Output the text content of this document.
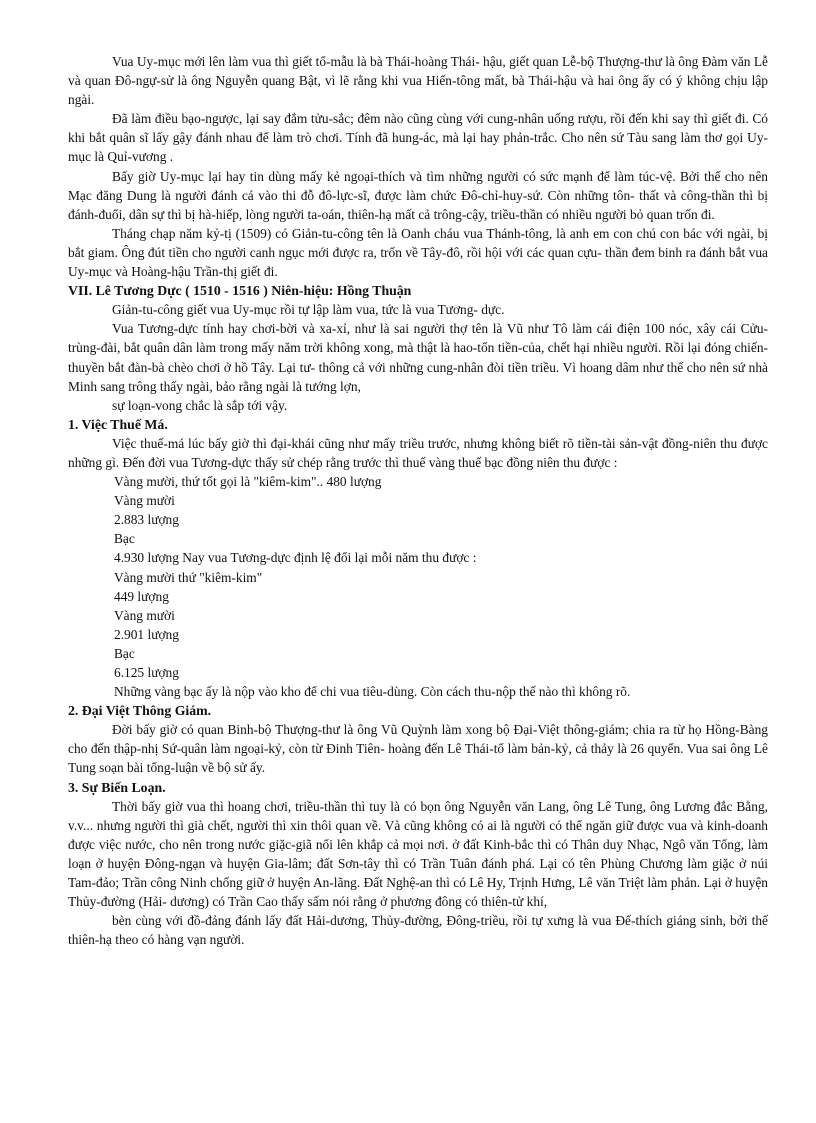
Vua Uy-mục mới lên làm vua thì giết tổ-mẫu là bà Thái-hoàng Thái- hậu, giết quan Lễ-bộ Thượng-thư là ông Đàm văn Lễ và quan Đô-ngự-sử là ông Nguyễn quang Bật, vì lẽ rằng khi vua Hiến-tông mất, bà Thái-hậu và hai ông ấy có ý không chịu lập ngài.

Đã làm điều bạo-ngược, lại say đắm tửu-sắc; đêm nào cũng cùng với cung-nhân uống rượu, rồi đến khi say thì giết đi. Có khi bắt quân sĩ lấy gậy đánh nhau để làm trò chơi. Tính đã hung-ác, mà lại hay phản-trắc. Cho nên sứ Tàu sang làm thơ gọi Uy-mục là Quỉ-vương .

Bấy giờ Uy-mục lại hay tin dùng mấy kẻ ngoại-thích và tìm những người có sức mạnh để làm túc-vệ. Bởi thế cho nên Mạc đăng Dung là người đánh cá vào thi đỗ đô-lực-sĩ, được làm chức Đô-chỉ-huy-sứ. Còn những tôn- thất và công-thần thì bị đánh-đuổi, dân sự thì bị hà-hiếp, lòng người ta-oán, thiên-hạ mất cả trông-cậy, triều-thần có nhiều người bỏ quan trốn đi.

Tháng chạp năm kỷ-tị (1509) có Giản-tu-công tên là Oanh cháu vua Thánh-tông, là anh em con chú con bác với ngài, bị bắt giam. Ông đút tiền cho người canh ngục mới được ra, trốn về Tây-đô, rồi hội với các quan cựu- thần đem binh ra đánh bắt vua Uy-mục và Hoàng-hậu Trần-thị giết đi.

VII. Lê Tương Dực ( 1510 - 1516 ) Niên-hiệu: Hồng Thuận

Giản-tu-công giết vua Uy-mục rồi tự lập làm vua, tức là vua Tương- dực.

Vua Tương-dực tính hay chơi-bời và xa-xỉ, như là sai người thợ tên là Vũ như Tô làm cái điện 100 nóc, xây cái Cửu-trùng-đài, bắt quân dân làm trong mấy năm trời không xong, mà thật là hao-tổn tiền-của, chết hại nhiều người. Rồi lại đóng chiến-thuyền bắt đàn-bà chèo chơi ở hồ Tây. Lại tư- thông cả với những cung-nhân đòi tiền triều. Vì hoang dâm như thế cho nên sứ nhà Minh sang trông thấy ngài, bảo rằng ngài là tướng lợn,

sự loạn-vong chắc là sắp tới vậy.

1. Việc Thuế Má.

Việc thuế-má lúc bấy giờ thì đại-khái cũng như mấy triều trước, nhưng không biết rõ tiền-tài sản-vật đồng-niên thu được những gì. Đến đời vua Tương-dực thấy sử chép rằng trước thì thuế vàng thuế bạc đồng niên thu được :

Vàng mười, thứ tốt gọi là "kiêm-kim".. 480 lượng

Vàng mười

2.883 lượng

Bạc

4.930 lượng Nay vua Tương-dực định lệ đổi lại mỗi năm thu được :

Vàng mười thứ "kiêm-kim"

449 lượng

Vàng mười

2.901 lượng

Bạc

6.125 lượng

Những vàng bạc ấy là nộp vào kho để chi vua tiêu-dùng. Còn cách thu-nộp thế nào thì không rõ.

2. Đại Việt Thông Giám.

Đời bấy giờ có quan Binh-bộ Thượng-thư là ông Vũ Quỳnh làm xong bộ Đại-Việt thông-giám; chia ra từ họ Hồng-Bàng cho đến thập-nhị Sứ-quân làm ngoại-kỷ, còn từ Đinh Tiên- hoàng đến Lê Thái-tổ làm bản-kỷ, cả thảy là 26 quyển. Vua sai ông Lê Tung soạn bài tổng-luận về bộ sử ấy.

3. Sự Biến Loạn.

Thời bấy giờ vua thì hoang chơi, triều-thần thì tuy là có bọn ông Nguyễn văn Lang, ông Lê Tung, ông Lương đắc Bằng, v.v... nhưng người thì già chết, người thì xin thôi quan về. Và cũng không có ai là người có thể ngăn giữ được vua và kinh-doanh được việc nước, cho nên trong nước giặc-giã nổi lên khắp cả mọi nơi. ở đất Kinh-bắc thì có Thân duy Nhạc, Ngô văn Tổng, làm loạn ở huyện Đông-ngạn và huyện Gia-lâm; đất Sơn-tây thì có Trần Tuân đánh phá. Lại có tên Phùng Chương làm giặc ở núi Tam-đảo; Trần công Ninh chống giữ ở huyện An-lãng. Đất Nghệ-an thì có Lê Hy, Trịnh Hưng, Lê văn Triệt làm phản. Lại ở huyện Thủy-đường (Hải- dương) có Trần Cao thấy sấm nói rằng ở phương đông có thiên-tử khí,

bèn cùng với đồ-đảng đánh lấy đất Hải-dương, Thủy-đường, Đông-triều, rồi tự xưng là vua Đế-thích giáng sinh, bởi thế thiên-hạ theo có hàng vạn người.
